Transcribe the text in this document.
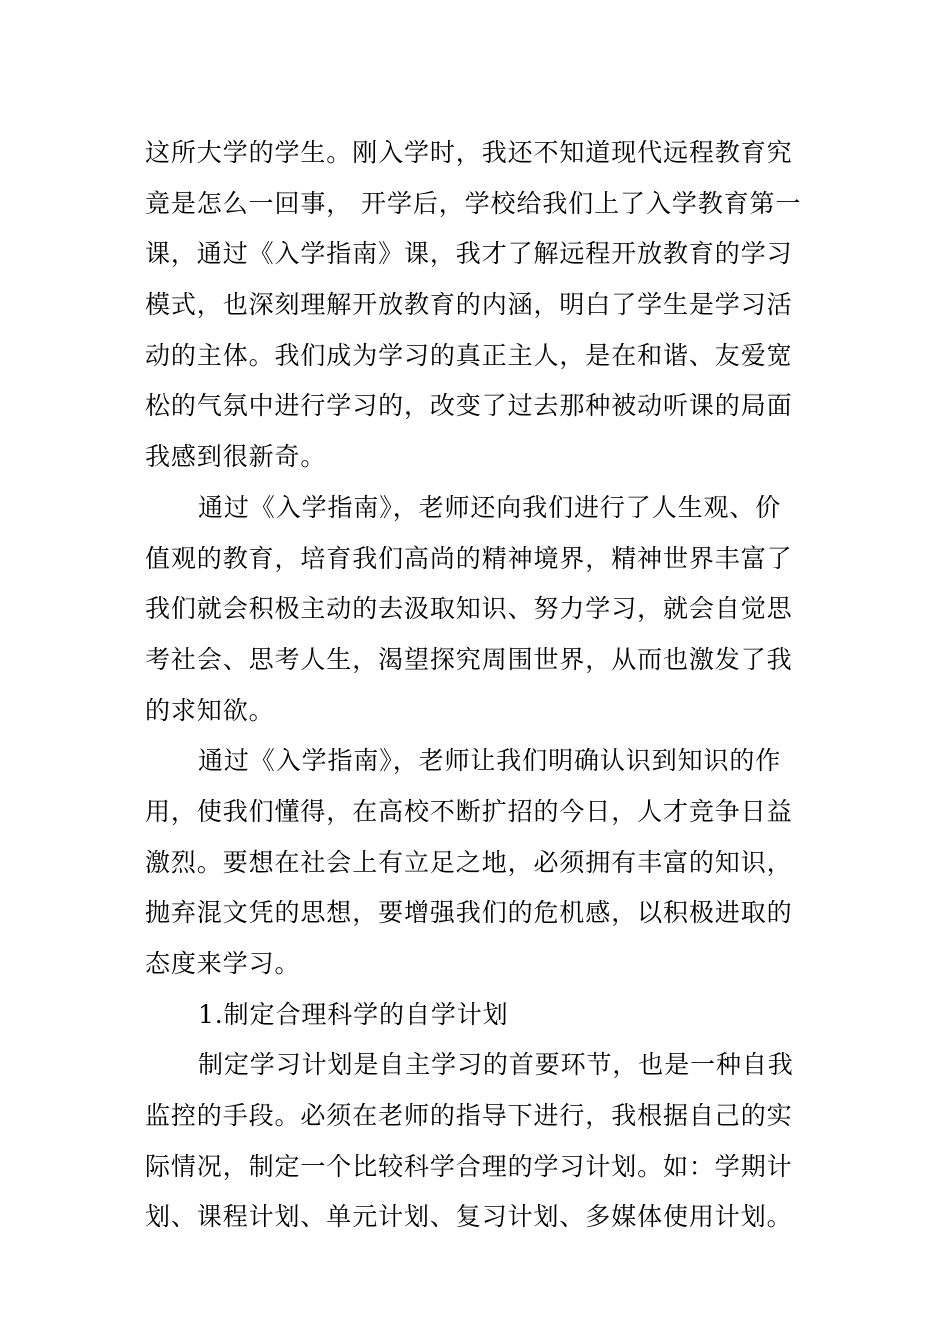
这所大学的学生。刚入学时，我还不知道现代远程教育究
竟是怎么一回事， 开学后，学校给我们上了入学教育第一
课，通过《入学指南》课，我才了解远程开放教育的学习
模式，也深刻理解开放教育的内涵，明白了学生是学习活
动的主体。我们成为学习的真正主人，是在和谐、友爱宽
松的气氛中进行学习的，改变了过去那种被动听课的局面
我感到很新奇。
通过《入学指南》，老师还向我们进行了人生观、价
值观的教育，培育我们高尚的精神境界，精神世界丰富了
我们就会积极主动的去汲取知识、努力学习，就会自觉思
考社会、思考人生，渴望探究周围世界，从而也激发了我
的求知欲。
通过《入学指南》，老师让我们明确认识到知识的作
用，使我们懂得，在高校不断扩招的今日，人才竞争日益
激烈。要想在社会上有立足之地，必须拥有丰富的知识，
抛弃混文凭的思想，要增强我们的危机感，以积极进取的
态度来学习。
1.制定合理科学的自学计划
制定学习计划是自主学习的首要环节，也是一种自我
监控的手段。必须在老师的指导下进行，我根据自己的实
际情况，制定一个比较科学合理的学习计划。如：学期计
划、课程计划、单元计划、复习计划、多媒体使用计划。
